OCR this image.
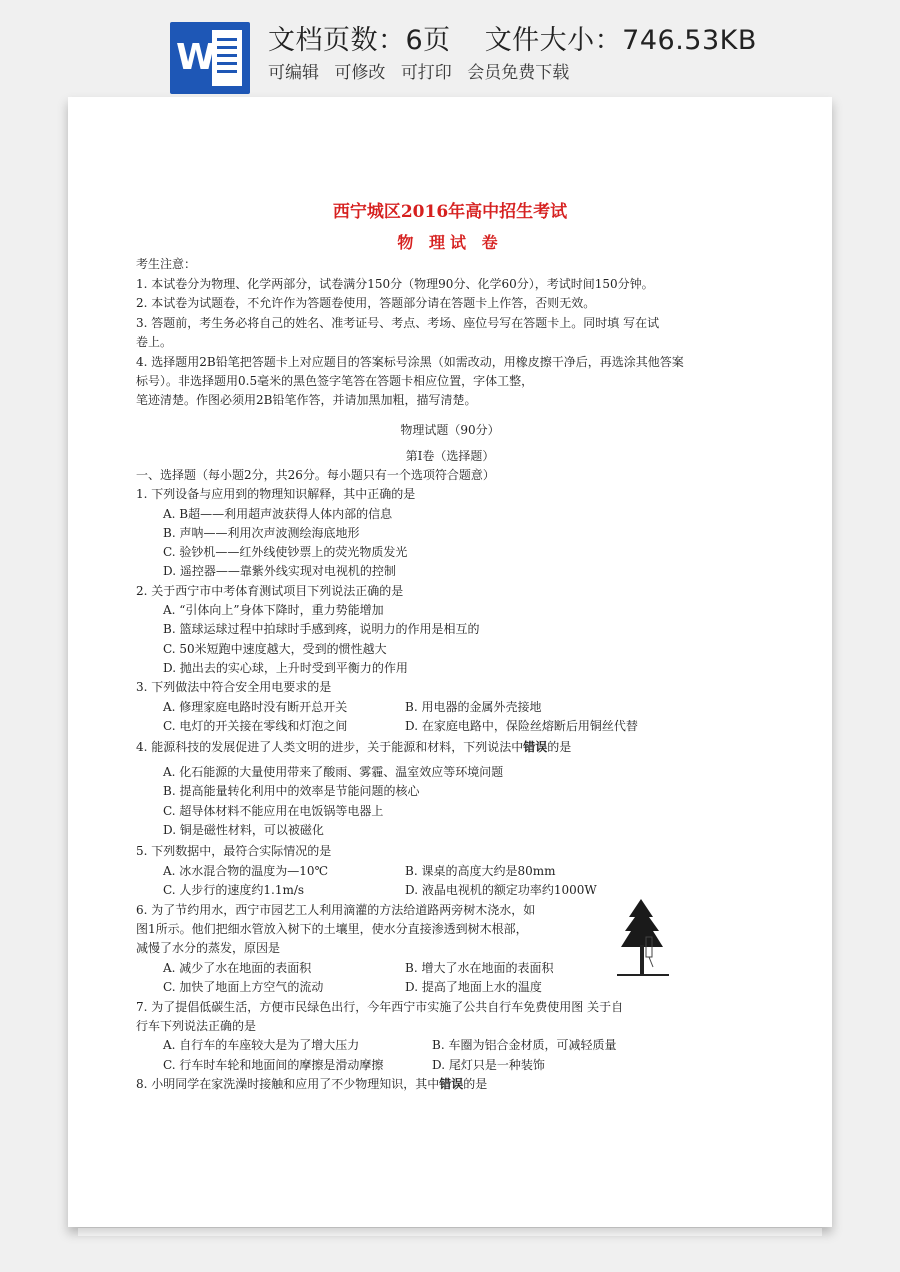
W 文档页数：6页 文件大小：746.53KB
可编辑 可修改 可打印 会员免费下载
西宁城区2016年高中招生考试
物 理试 卷
考生注意：
1. 本试卷分为物理、化学两部分，试卷满分150分（物理90分、化学60分），考试时间150分钟。
2. 本试卷为试题卷，不允许作为答题卷使用，答题部分请在答题卡上作答，否则无效。
3. 答题前，考生务必将自己的姓名、准考证号、考点、考场、座位号写在答题卡上。同时填 写在试
卷上。
4. 选择题用2B铅笔把答题卡上对应题目的答案标号涂黑（如需改动，用橡皮擦干净后，再选涂其他答案
标号）。非选择题用0.5毫米的黑色签字笔答在答题卡相应位置，字体工整，
笔迹清楚。作图必须用2B铅笔作答，并请加黑加粗，描写清楚。
物理试题（90分）
第Ⅰ卷（选择题）
一、选择题（每小题2分，共26分。每小题只有一个选项符合题意）
1. 下列设备与应用到的物理知识解释，其中正确的是
A. B超——利用超声波获得人体内部的信息
B. 声呐——利用次声波测绘海底地形
C. 验钞机——红外线使钞票上的荧光物质发光
D. 遥控器——靠紫外线实现对电视机的控制
2. 关于西宁市中考体育测试项目下列说法正确的是
A. “引体向上”身体下降时，重力势能增加
B. 篮球运球过程中拍球时手感到疼，说明力的作用是相互的
C. 50米短跑中速度越大，受到的惯性越大
D. 抛出去的实心球，上升时受到平衡力的作用
3. 下列做法中符合安全用电要求的是
A. 修理家庭电路时没有断开总开关	B. 用电器的金属外壳接地
C. 电灯的开关接在零线和灯泡之间	D. 在家庭电路中，保险丝熔断后用铜丝代替
4. 能源科技的发展促进了人类文明的进步，关于能源和材料，下列说法中错误的是
A. 化石能源的大量使用带来了酸雨、雾霾、温室效应等环境问题
B. 提高能量转化利用中的效率是节能问题的核心
C. 超导体材料不能应用在电饭锅等电器上
D. 铜是磁性材料，可以被磁化
5. 下列数据中，最符合实际情况的是
A. 冰水混合物的温度为—10℃	B. 课桌的高度大约是80mm
C. 人步行的速度约1.1m/s	D. 液晶电视机的额定功率约1000W
6. 为了节约用水，西宁市园艺工人利用滴灌的方法给道路两旁树木浇水，如
图1所示。他们把细水管放入树下的土壤里，使水分直接渗透到树木根部，
减慢了水分的蒸发，原因是
A. 减少了水在地面的表面积	B. 增大了水在地面的表面积
C. 加快了地面上方空气的流动	D. 提高了地面上水的温度
7. 为了提倡低碳生活，方便市民绿色出行，今年西宁市实施了公共自行车免费使用图 关于自
行车下列说法正确的是
A. 自行车的车座较大是为了增大压力	B. 车圈为铝合金材质，可减轻质量
C. 行车时车轮和地面间的摩擦是滑动摩擦	D. 尾灯只是一种装饰
8. 小明同学在家洗澡时接触和应用了不少物理知识，其中错误的是
